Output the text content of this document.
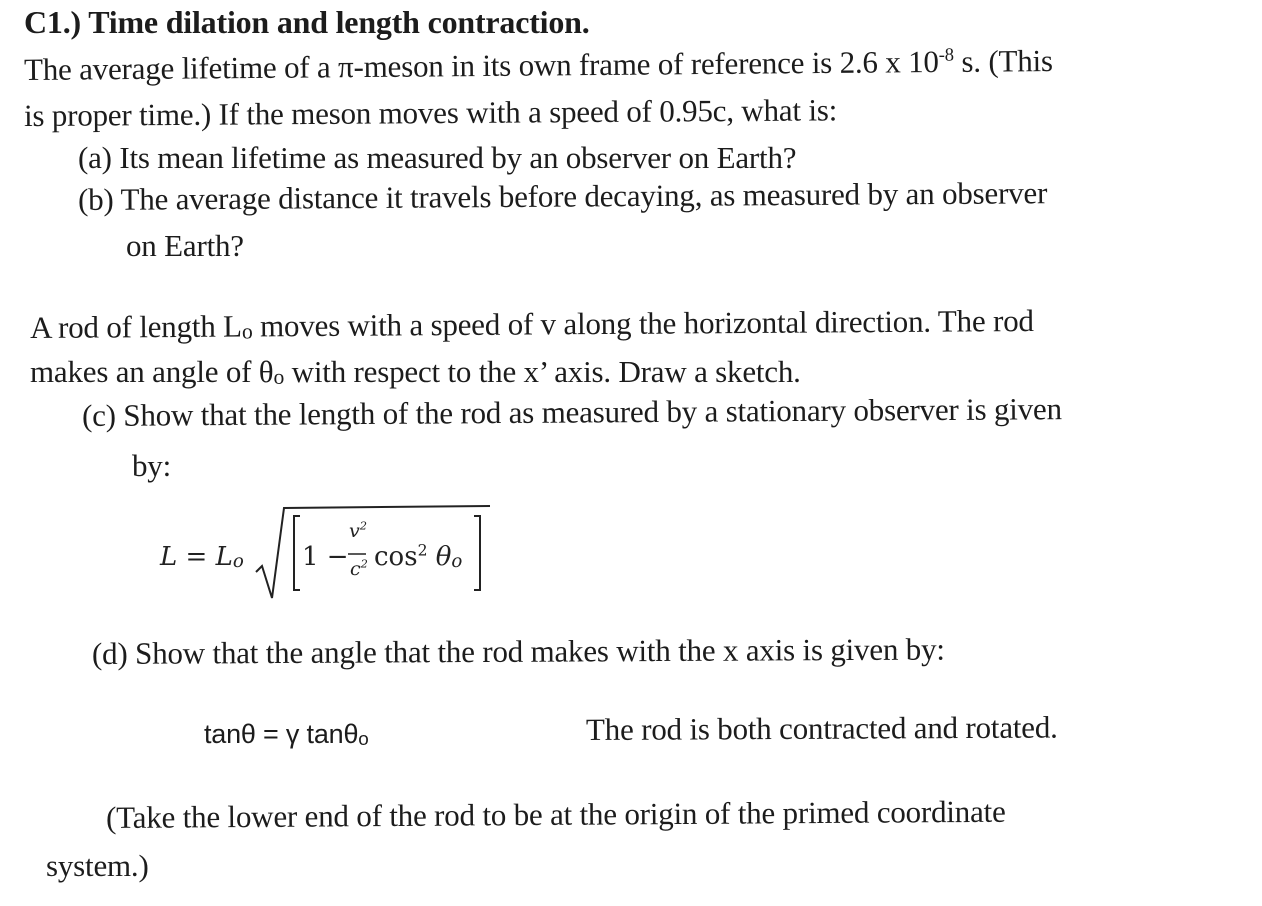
C1.) Time dilation and length contraction.
The average lifetime of a π-meson in its own frame of reference is 2.6 x $10^{-8}$ s. (This
is proper time.) If the meson moves with a speed of 0.95c, what is:
(a) Its mean lifetime as measured by an observer on Earth?
(b) The average distance it travels before decaying, as measured by an observer
on Earth?
A rod of length $L_o$ moves with a speed of v along the horizontal direction. The rod
makes an angle of $\theta_o$ with respect to the x’ axis. Draw a sketch.
(c) Show that the length of the rod as measured by a stationary observer is given
by:
$L = L_o$ 1 −
$v^2$
$c^2$ $\cos^2 \theta_o$
(d) Show that the angle that the rod makes with the x axis is given by:
tanθ = γ tanθ$_o$	The rod is both contracted and rotated.
(Take the lower end of the rod to be at the origin of the primed coordinate
system.)
